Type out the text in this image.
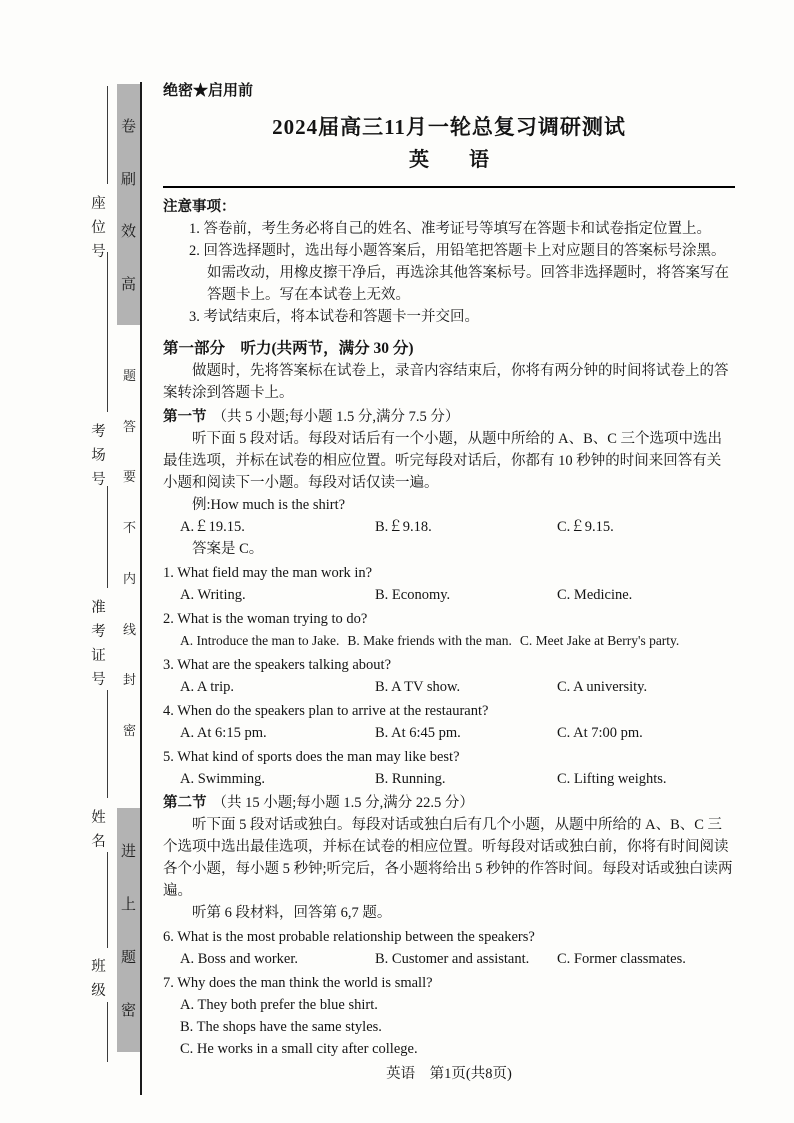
卷
刷
效
高
题
答
要
不
内
线
封
密
进
上
题
密
座
位
号
考
场
号
准
考
证
号
姓
名
班
级
绝密★启用前
2024届高三11月一轮总复习调研测试
英　语
注意事项：
1. 答卷前，考生务必将自己的姓名、准考证号等填写在答题卡和试卷指定位置上。
2. 回答选择题时，选出每小题答案后，用铅笔把答题卡上对应题目的答案标号涂黑。如需改动，用橡皮擦干净后，再选涂其他答案标号。回答非选择题时，将答案写在答题卡上。写在本试卷上无效。
3. 考试结束后，将本试卷和答题卡一并交回。
第一部分　听力(共两节，满分 30 分)
做题时，先将答案标在试卷上，录音内容结束后，你将有两分钟的时间将试卷上的答案转涂到答题卡上。
第一节 （共 5 小题;每小题 1.5 分,满分 7.5 分）
听下面 5 段对话。每段对话后有一个小题，从题中所给的 A、B、C 三个选项中选出最佳选项，并标在试卷的相应位置。听完每段对话后，你都有 10 秒钟的时间来回答有关小题和阅读下一小题。每段对话仅读一遍。
例:How much is the shirt?
A.￡19.15.	B.￡9.18.	C.￡9.15.
答案是 C。
1. What field may the man work in?
A. Writing.	B. Economy.	C. Medicine.
2. What is the woman trying to do?
A. Introduce the man to Jake. B. Make friends with the man. C. Meet Jake at Berry's party.
3. What are the speakers talking about?
A. A trip.	B. A TV show.	C. A university.
4. When do the speakers plan to arrive at the restaurant?
A. At 6:15 pm.	B. At 6:45 pm.	C. At 7:00 pm.
5. What kind of sports does the man may like best?
A. Swimming.	B. Running.	C. Lifting weights.
第二节 （共 15 小题;每小题 1.5 分,满分 22.5 分）
听下面 5 段对话或独白。每段对话或独白后有几个小题，从题中所给的 A、B、C 三个选项中选出最佳选项，并标在试卷的相应位置。听每段对话或独白前，你将有时间阅读各个小题，每小题 5 秒钟;听完后，各小题将给出 5 秒钟的作答时间。每段对话或独白读两遍。
听第 6 段材料，回答第 6,7 题。
6. What is the most probable relationship between the speakers?
A. Boss and worker.	B. Customer and assistant.	C. Former classmates.
7. Why does the man think the world is small?
A. They both prefer the blue shirt.
B. The shops have the same styles.
C. He works in a small city after college.
英语　第1页(共8页)
